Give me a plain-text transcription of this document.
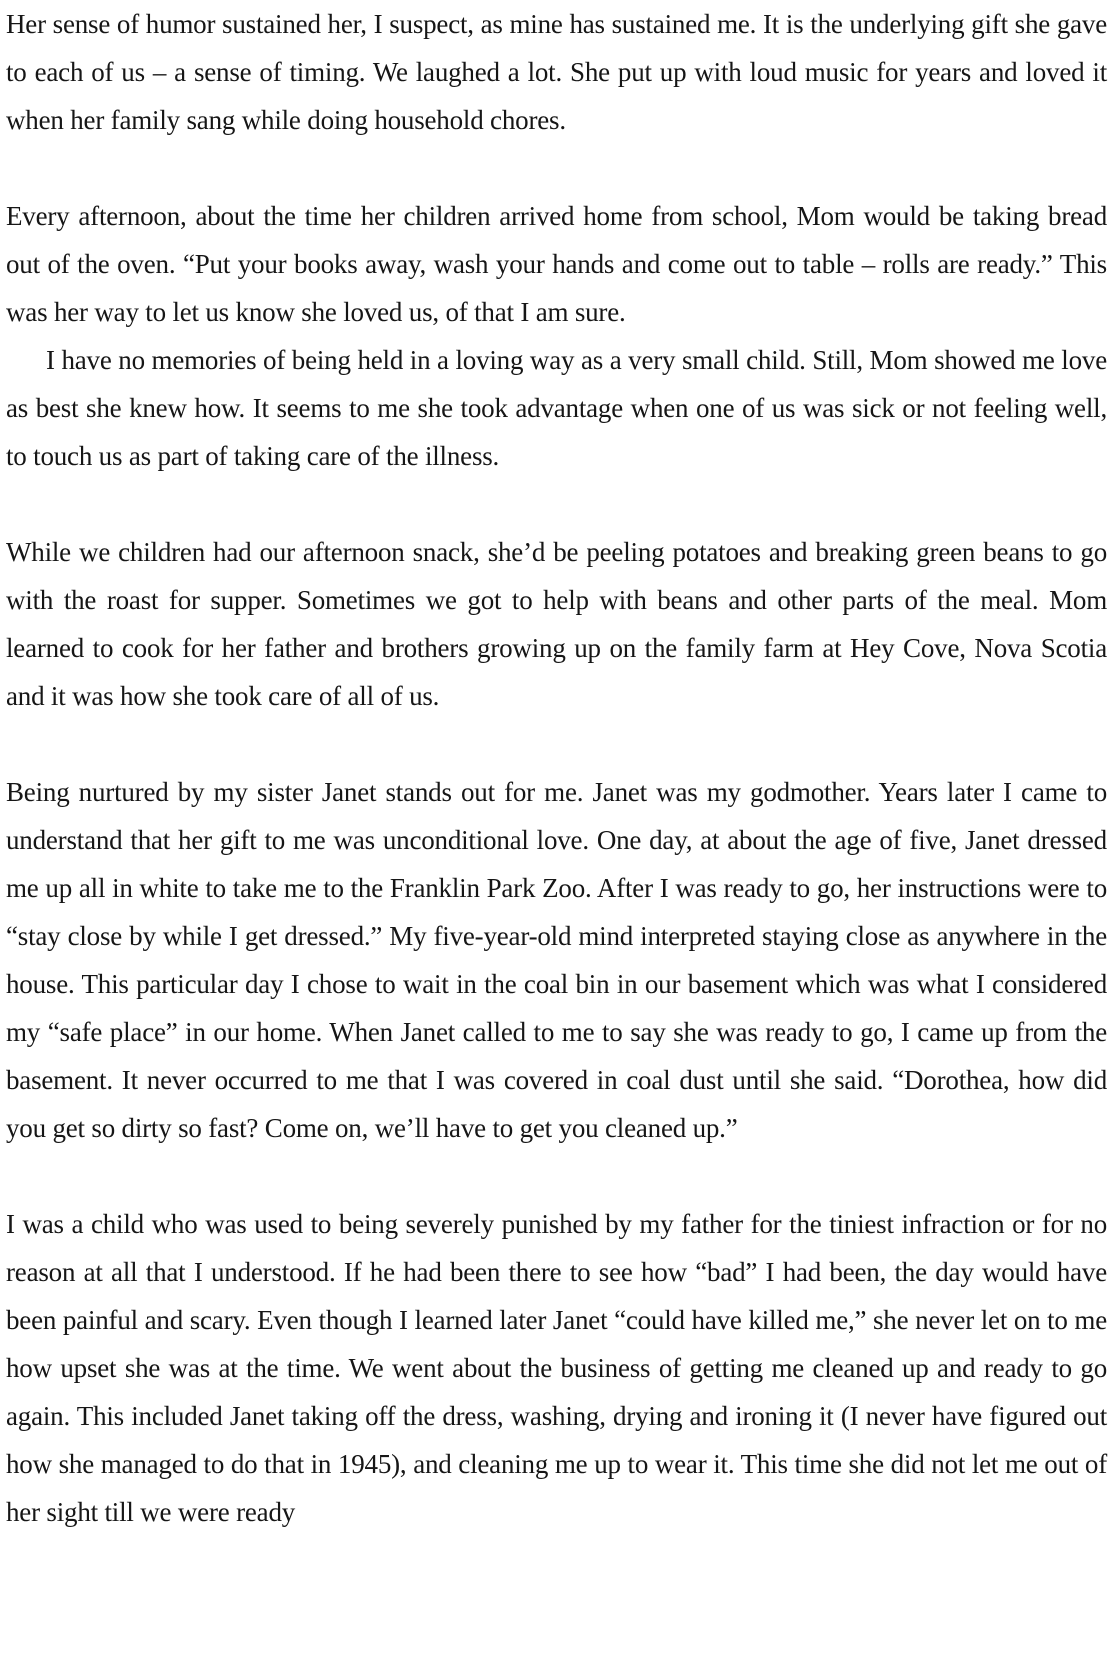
Her sense of humor sustained her, I suspect, as mine has sustained me. It is the underlying gift she gave to each of us – a sense of timing. We laughed a lot. She put up with loud music for years and loved it when her family sang while doing household chores.

Every afternoon, about the time her children arrived home from school, Mom would be taking bread out of the oven. “Put your books away, wash your hands and come out to table – rolls are ready.” This was her way to let us know she loved us, of that I am sure.

I have no memories of being held in a loving way as a very small child. Still, Mom showed me love as best she knew how. It seems to me she took advantage when one of us was sick or not feeling well, to touch us as part of taking care of the illness.

While we children had our afternoon snack, she’d be peeling potatoes and breaking green beans to go with the roast for supper. Sometimes we got to help with beans and other parts of the meal. Mom learned to cook for her father and brothers growing up on the family farm at Hey Cove, Nova Scotia and it was how she took care of all of us.

Being nurtured by my sister Janet stands out for me. Janet was my godmother. Years later I came to understand that her gift to me was unconditional love. One day, at about the age of five, Janet dressed me up all in white to take me to the Franklin Park Zoo. After I was ready to go, her instructions were to “stay close by while I get dressed.” My five-year-old mind interpreted staying close as anywhere in the house. This particular day I chose to wait in the coal bin in our basement which was what I considered my “safe place” in our home. When Janet called to me to say she was ready to go, I came up from the basement. It never occurred to me that I was covered in coal dust until she said. “Dorothea, how did you get so dirty so fast? Come on, we’ll have to get you cleaned up.”

I was a child who was used to being severely punished by my father for the tiniest infraction or for no reason at all that I understood. If he had been there to see how “bad” I had been, the day would have been painful and scary. Even though I learned later Janet “could have killed me,” she never let on to me how upset she was at the time. We went about the business of getting me cleaned up and ready to go again. This included Janet taking off the dress, washing, drying and ironing it (I never have figured out how she managed to do that in 1945), and cleaning me up to wear it. This time she did not let me out of her sight till we were ready
